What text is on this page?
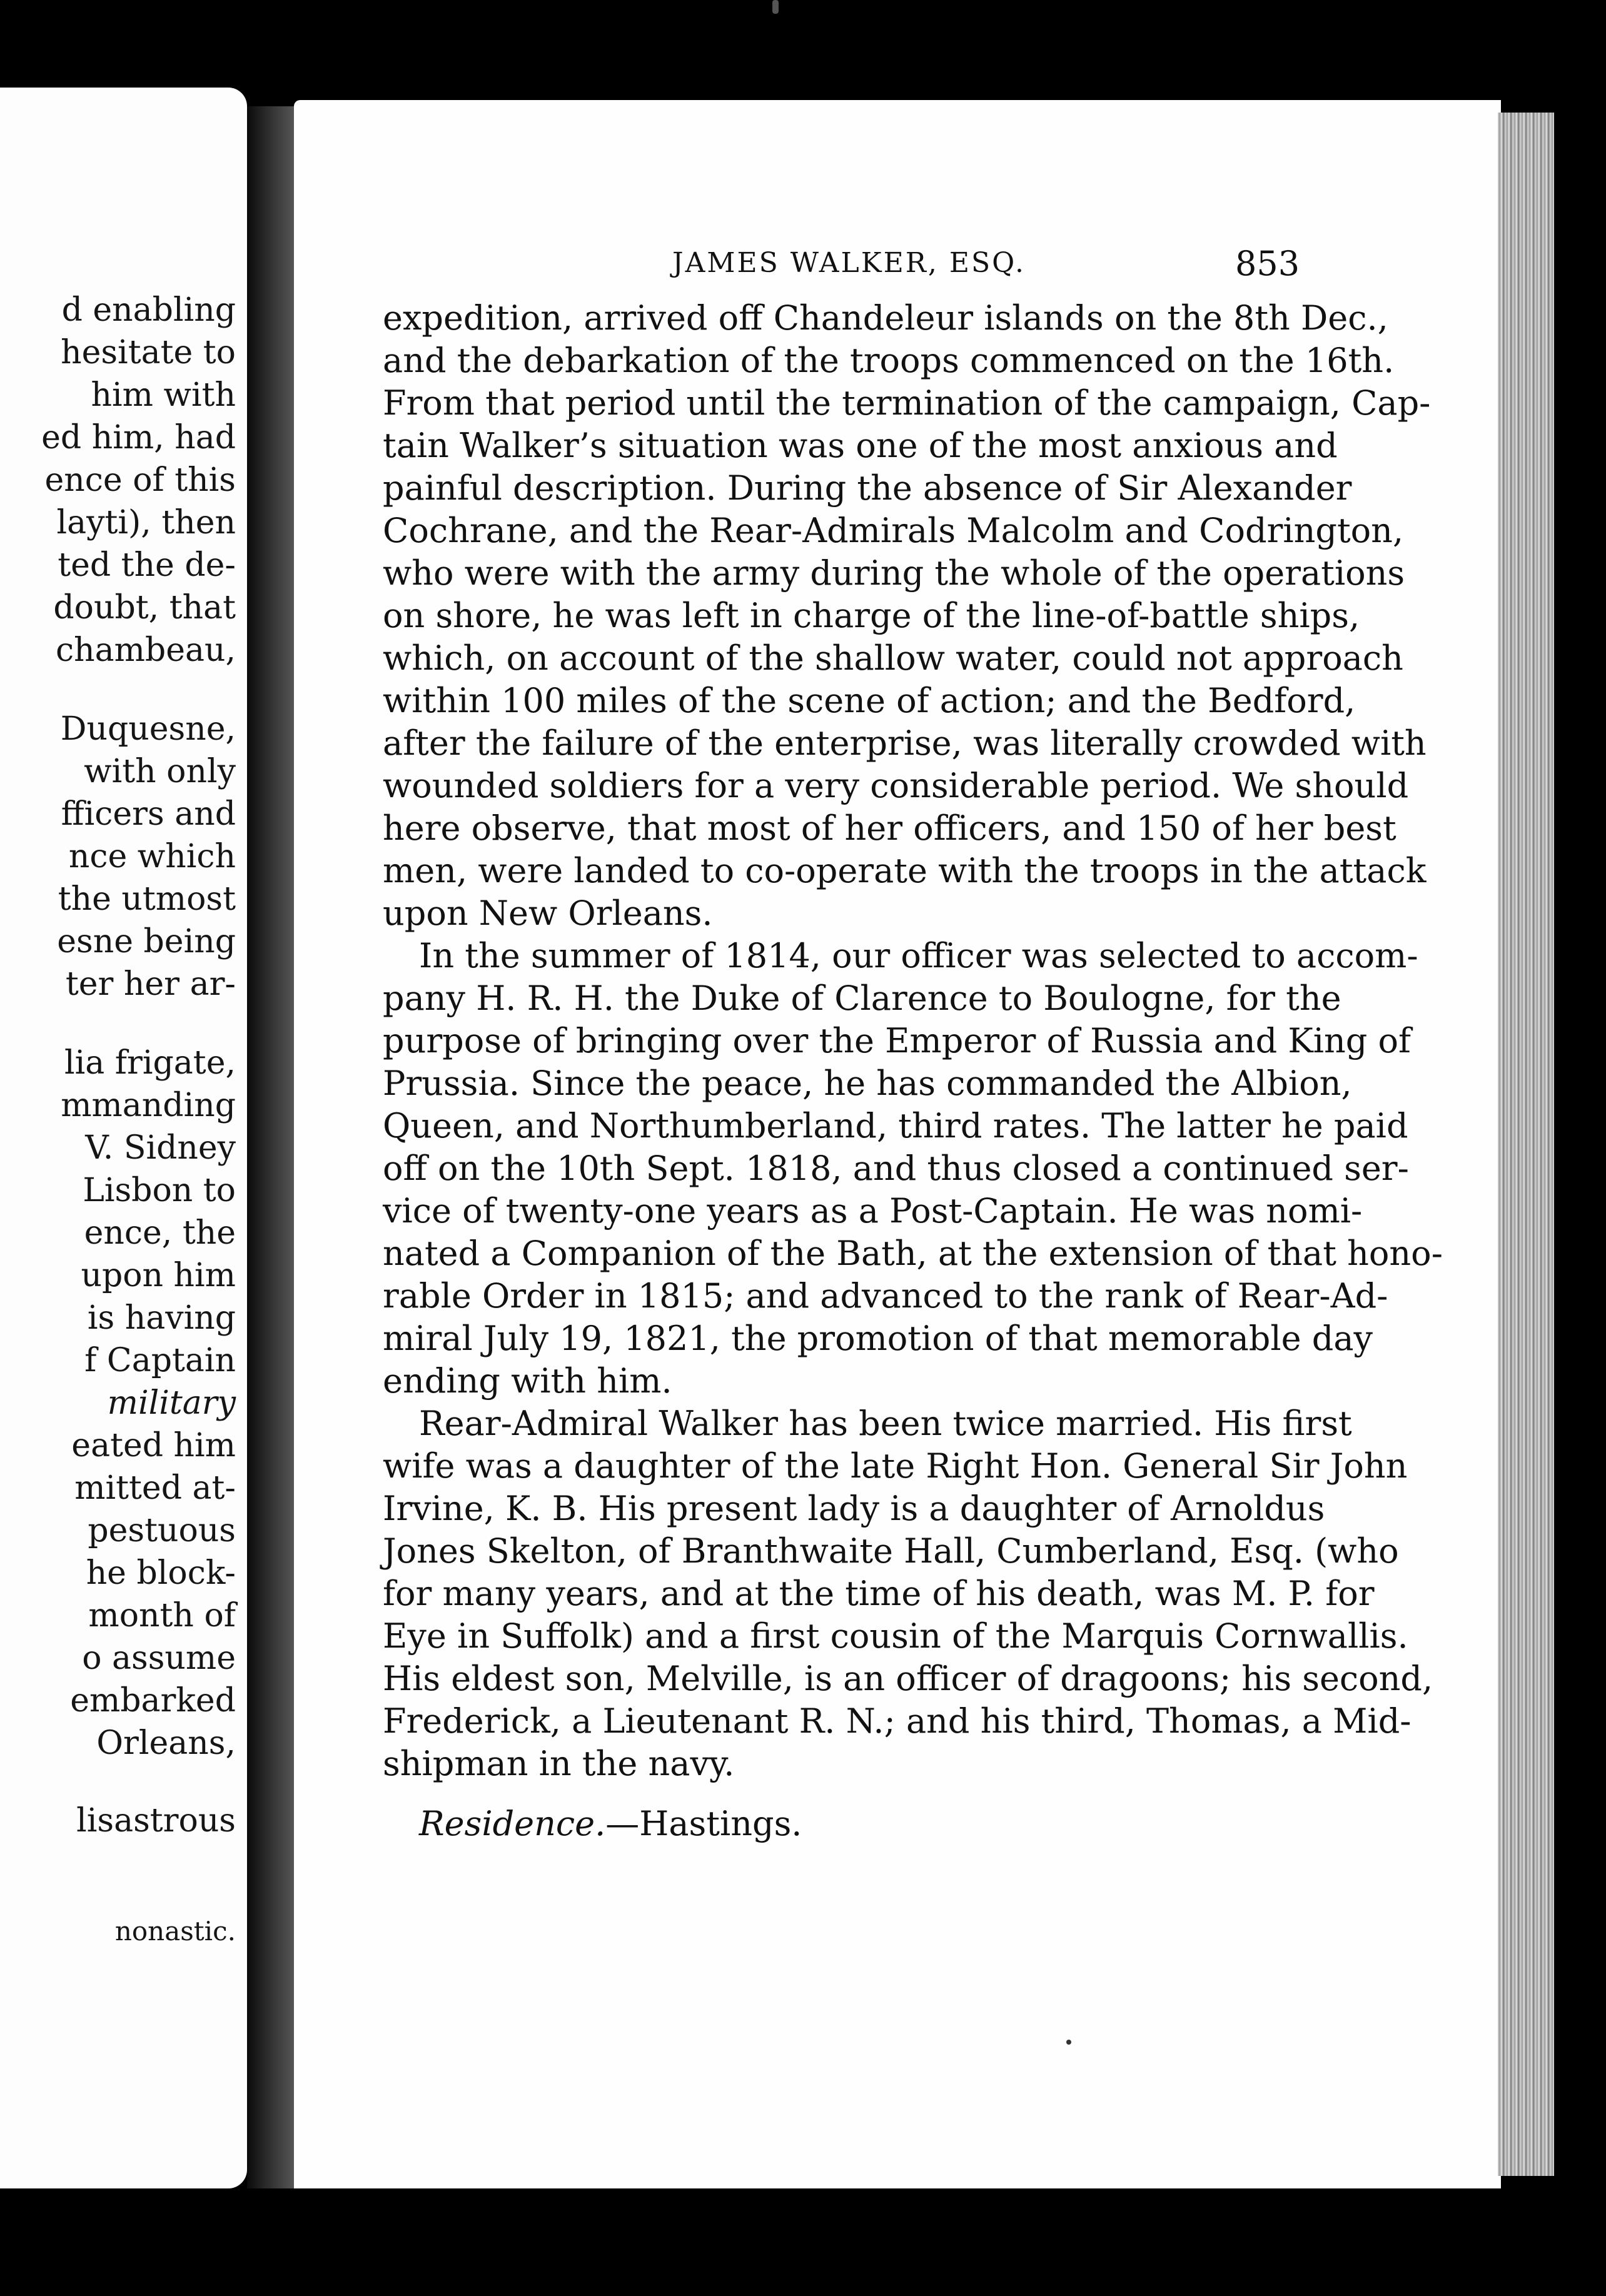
d enabling
hesitate to
him with
ed him, had
ence of this
layti), then
ted the de-
doubt, that
chambeau,
Duquesne,
with only
fficers and
nce which
the utmost
esne being
ter her ar-
lia frigate,
mmanding
V. Sidney
Lisbon to
ence, the
upon him
is having
f Captain
military
eated him
mitted at-
pestuous
he block-
month of
o assume
embarked
Orleans,
lisastrous
nonastic.
JAMES WALKER, ESQ.	853
expedition, arrived off Chandeleur islands on the 8th Dec.,
and the debarkation of the troops commenced on the 16th.
From that period until the termination of the campaign, Cap-
tain Walker’s situation was one of the most anxious and
painful description. During the absence of Sir Alexander
Cochrane, and the Rear-Admirals Malcolm and Codrington,
who were with the army during the whole of the operations
on shore, he was left in charge of the line-of-battle ships,
which, on account of the shallow water, could not approach
within 100 miles of the scene of action; and the Bedford,
after the failure of the enterprise, was literally crowded with
wounded soldiers for a very considerable period. We should
here observe, that most of her officers, and 150 of her best
men, were landed to co-operate with the troops in the attack
upon New Orleans.
In the summer of 1814, our officer was selected to accom-
pany H. R. H. the Duke of Clarence to Boulogne, for the
purpose of bringing over the Emperor of Russia and King of
Prussia. Since the peace, he has commanded the Albion,
Queen, and Northumberland, third rates. The latter he paid
off on the 10th Sept. 1818, and thus closed a continued ser-
vice of twenty-one years as a Post-Captain. He was nomi-
nated a Companion of the Bath, at the extension of that hono-
rable Order in 1815; and advanced to the rank of Rear-Ad-
miral July 19, 1821, the promotion of that memorable day
ending with him.
Rear-Admiral Walker has been twice married. His first
wife was a daughter of the late Right Hon. General Sir John
Irvine, K. B. His present lady is a daughter of Arnoldus
Jones Skelton, of Branthwaite Hall, Cumberland, Esq. (who
for many years, and at the time of his death, was M. P. for
Eye in Suffolk) and a first cousin of the Marquis Cornwallis.
His eldest son, Melville, is an officer of dragoons; his second,
Frederick, a Lieutenant R. N.; and his third, Thomas, a Mid-
shipman in the navy.
Residence.—Hastings.
